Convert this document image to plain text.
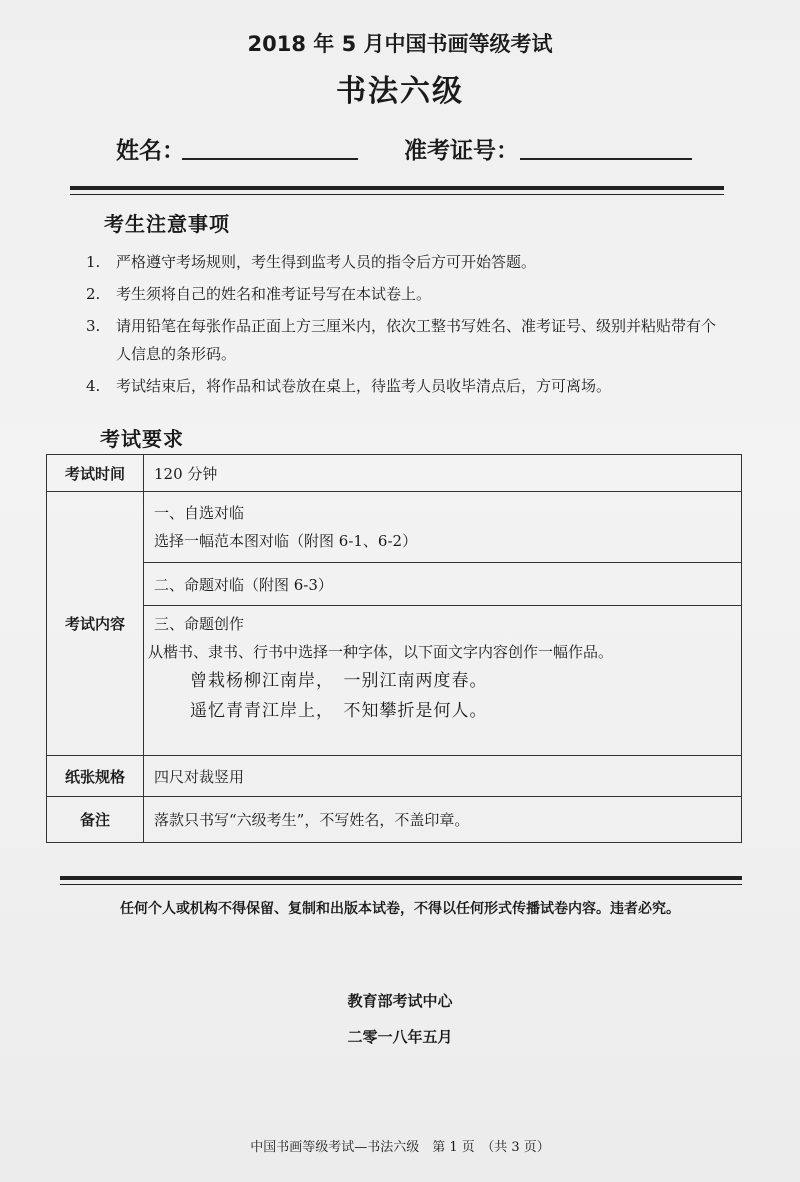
2018 年 5 月中国书画等级考试
书法六级
姓名：	准考证号：
考生注意事项
1. 严格遵守考场规则，考生得到监考人员的指令后方可开始答题。
2. 考生须将自己的姓名和准考证号写在本试卷上。
3. 请用铅笔在每张作品正面上方三厘米内，依次工整书写姓名、准考证号、级别并粘贴带有个人信息的条形码。
4. 考试结束后，将作品和试卷放在桌上，待监考人员收毕清点后，方可离场。
考试要求
考试时间	120 分钟
考试内容	一、自选对临
选择一幅范本图对临（附图 6-1、6-2）

	二、命题对临（附图 6-3）

	三、命题创作
从楷书、隶书、行书中选择一种字体，以下面文字内容创作一幅作品。
曾栽杨柳江南岸，　一别江南两度春。
遥忆青青江岸上，　不知攀折是何人。

纸张规格	四尺对裁竖用
备注	落款只书写“六级考生”，不写姓名，不盖印章。
任何个人或机构不得保留、复制和出版本试卷，不得以任何形式传播试卷内容。违者必究。
教育部考试中心
二零一八年五月
中国书画等级考试—书法六级　第 1 页　（共 3 页）
